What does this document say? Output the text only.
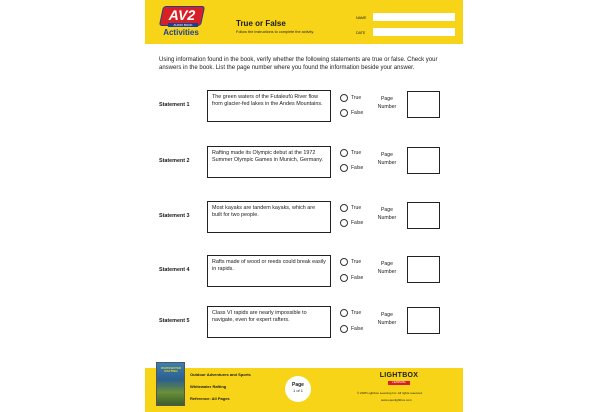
AV2
AUDIO BOOK
Activities
True or False
Follow the instructions to complete the activity.
NAME
DATE
Using information found in the book, verify whether the following statements are true or false. Check your answers in the book. List the page number where you found the information beside your answer.
Statement 1
The green waters of the Futaleufú River flow from glacier-fed lakes in the Andes Mountains.
True
False
Page Number
Statement 2
Rafting made its Olympic debut at the 1972 Summer Olympic Games in Munich, Germany.
True
False
Page Number
Statement 3
Most kayaks are tandem kayaks, which are built for two people.
True
False
Page Number
Statement 4
Rafts made of wood or reeds could break easily in rapids.
True
False
Page Number
Statement 5
Class VI rapids are nearly impossible to navigate, even for expert rafters.
True
False
Page Number
WHITEWATER RAFTING
Outdoor Adventures and Sports
Whitewater Rafting
Reference: All Pages
Page
1 of 1
LIGHTBOX
LEARNING
© 2025 Lightbox Learning Inc. All rights reserved.
www.openlightbox.com
